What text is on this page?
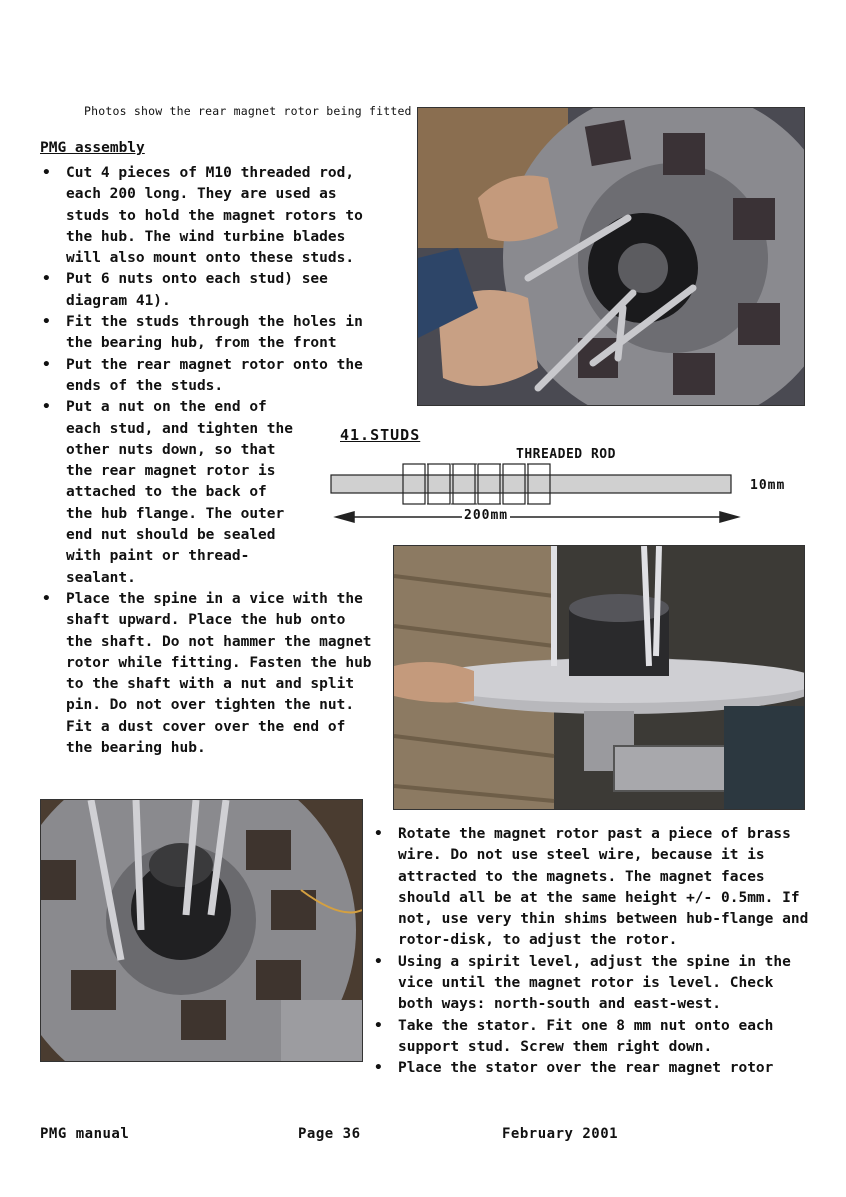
Photos show the rear magnet rotor being fitted
PMG assembly
• Cut 4 pieces of M10 threaded rod, each 200 long. They are used as studs to hold the magnet rotors to the hub. The wind turbine blades will also mount onto these studs.
• Put 6 nuts onto each stud) see diagram 41).
• Fit the studs through the holes in the bearing hub, from the front
• Put the rear magnet rotor onto the ends of the studs.
• Put a nut on the end of each stud, and tighten the other nuts down, so that the rear magnet rotor is attached to the back of the hub flange. The outer end nut should be sealed with paint or thread-sealant.
• Place the spine in a vice with the shaft upward. Place the hub onto the shaft. Do not hammer the magnet rotor while fitting. Fasten the hub to the shaft with a nut and split pin. Do not over tighten the nut. Fit a dust cover over the end of the bearing hub.
41.STUDS
THREADED ROD
10mm
200mm
• Rotate the magnet rotor past a piece of brass wire. Do not use steel wire, because it is attracted to the magnets. The magnet faces should all be at the same height +/- 0.5mm. If not, use very thin shims between hub-flange and rotor-disk, to adjust the rotor.
• Using a spirit level, adjust the spine in the vice until the magnet rotor is level. Check both ways: north-south and east-west.
• Take the stator. Fit one 8 mm nut onto each support stud. Screw them right down.
• Place the stator over the rear magnet rotor
PMG manual	Page 36	February 2001
